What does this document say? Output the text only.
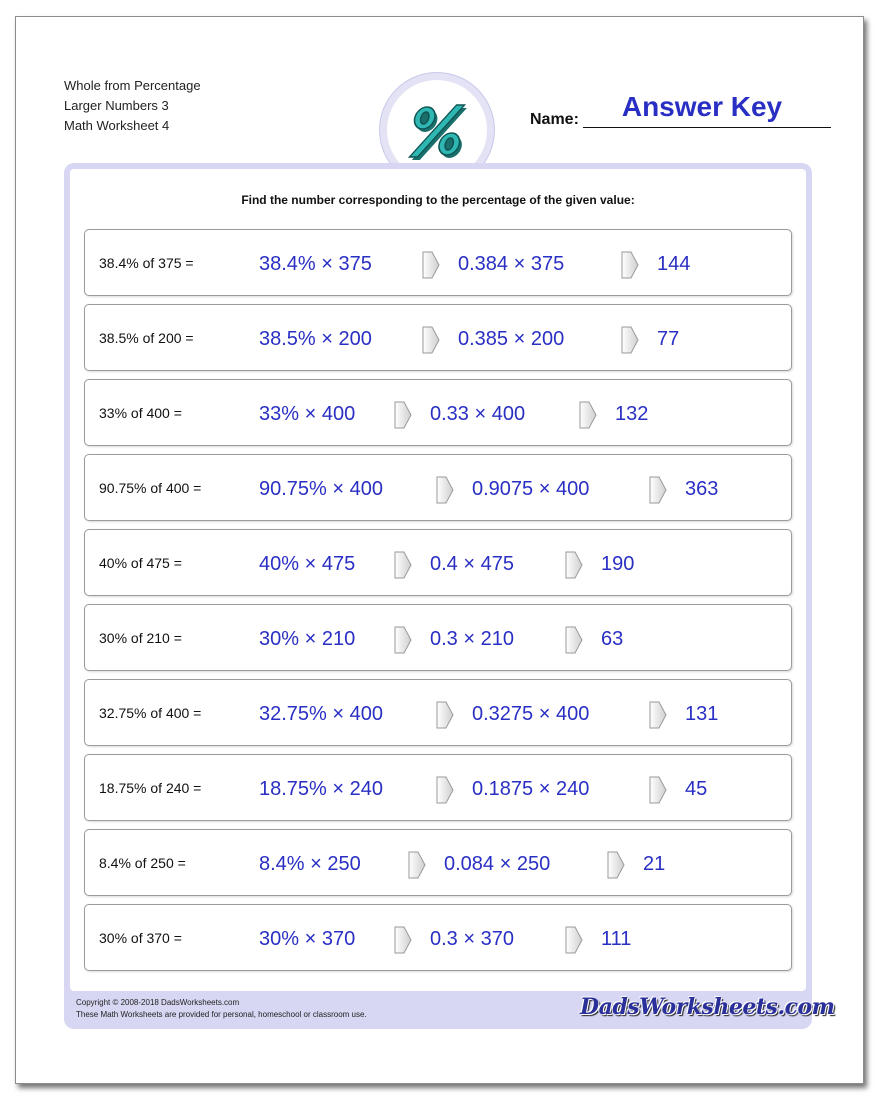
Whole from Percentage
Larger Numbers 3
Math Worksheet 4	Name:	Answer Key
Find the number corresponding to the percentage of the given value:
38.4% of 375 =	38.4% × 375	0.384 × 375	144
38.5% of 200 =	38.5% × 200	0.385 × 200	77
33% of 400 =	33% × 400	0.33 × 400	132
90.75% of 400 =	90.75% × 400	0.9075 × 400	363
40% of 475 =	40% × 475	0.4 × 475	190
30% of 210 =	30% × 210	0.3 × 210	63
32.75% of 400 =	32.75% × 400	0.3275 × 400	131
18.75% of 240 =	18.75% × 240	0.1875 × 240	45
8.4% of 250 =	8.4% × 250	0.084 × 250	21
30% of 370 =	30% × 370	0.3 × 370	111
Copyright © 2008-2018 DadsWorksheets.com
These Math Worksheets are provided for personal, homeschool or classroom use.	DadsWorksheets.com
